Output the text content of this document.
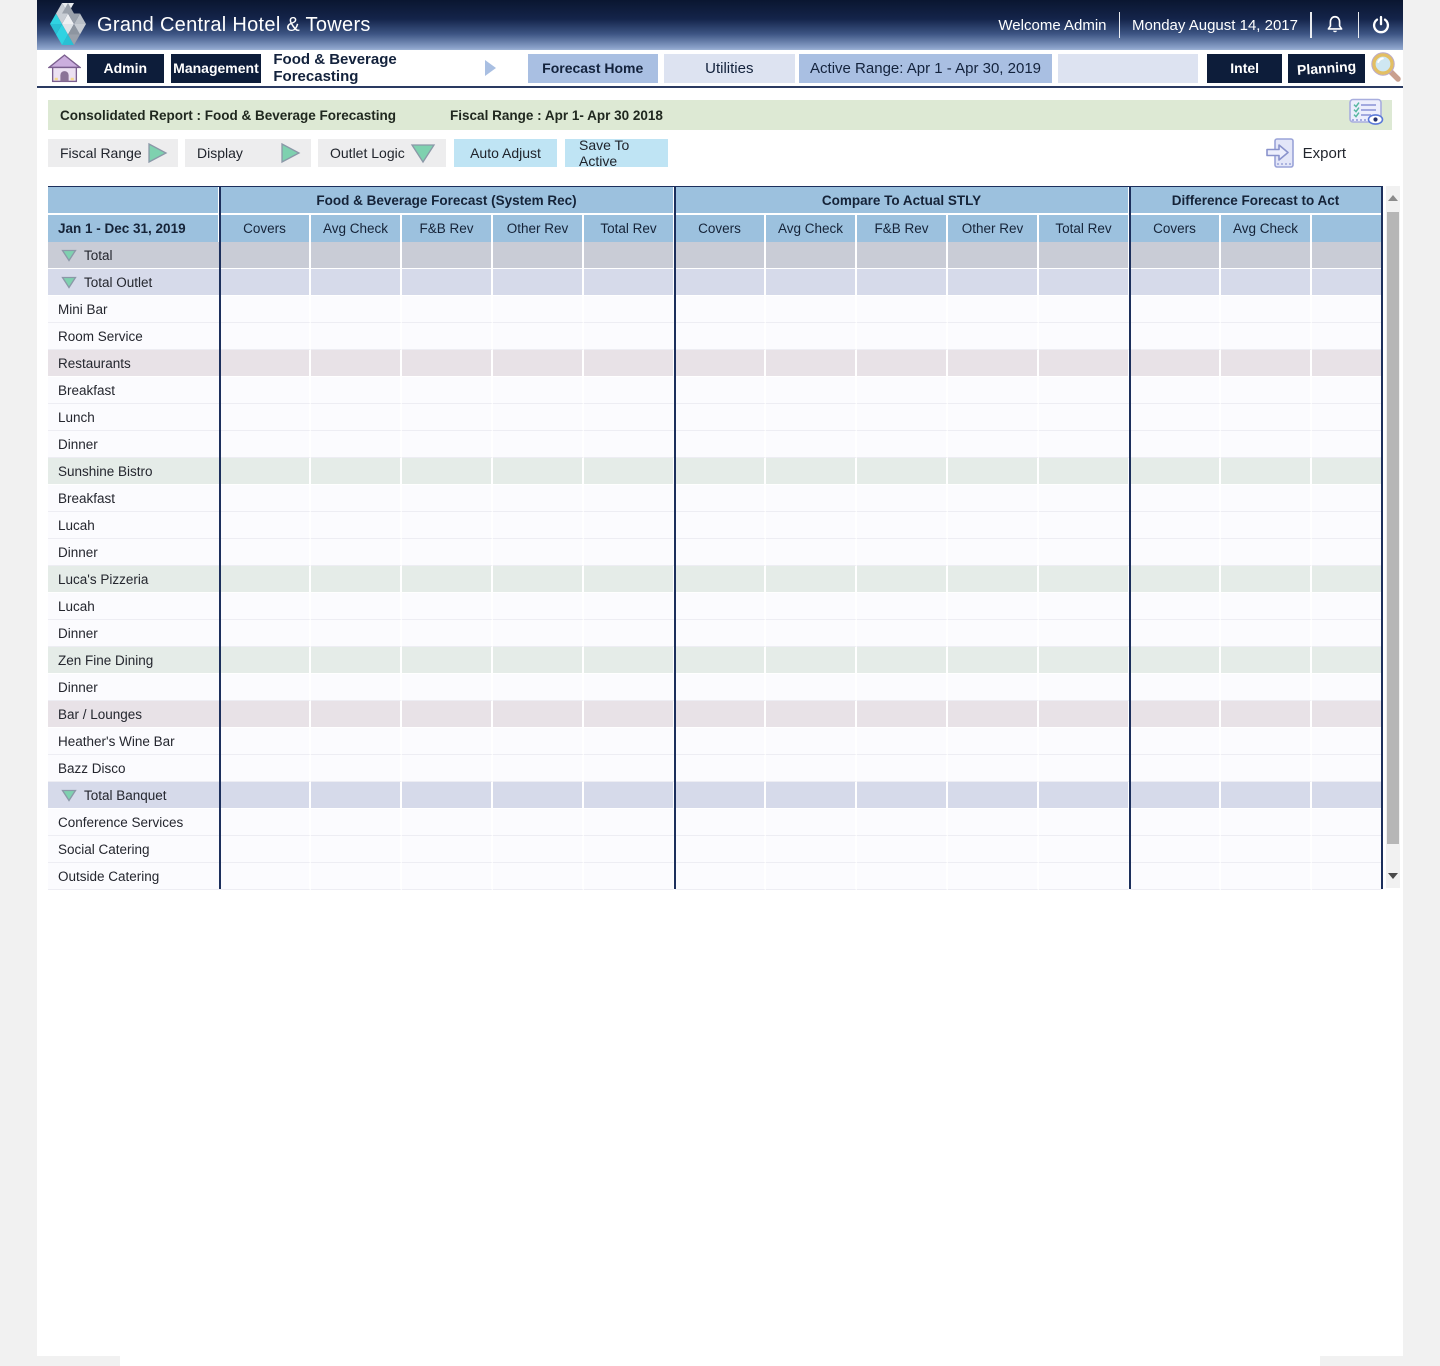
Grand Central Hotel & Towers	Welcome Admin Monday August 14, 2017
Admin Management Food & Beverage Forecasting	Forecast Home	Utilities	Active Range: Apr 1 - Apr 30, 2019	Intel	Planning
Consolidated Report : Food & Beverage Forecasting	Fiscal Range : Apr 1- Apr 30 2018
Fiscal Range	Display	Outlet Logic	Auto Adjust	Save To Active	Export
Food & Beverage Forecast (System Rec)	Compare To Actual STLY	Difference Forecast to Act
Jan 1 - Dec 31, 2019	Covers	Avg Check	F&B Rev	Other Rev	Total Rev	Covers	Avg Check	F&B Rev	Other Rev	Total Rev	Covers	Avg Check
Total
Total Outlet
Mini Bar
Room Service
Restaurants
Breakfast
Lunch
Dinner
Sunshine Bistro
Breakfast
Lucah
Dinner
Luca's Pizzeria
Lucah
Dinner
Zen Fine Dining
Dinner
Bar / Lounges
Heather's Wine Bar
Bazz Disco
Total Banquet
Conference Services
Social Catering
Outside Catering
